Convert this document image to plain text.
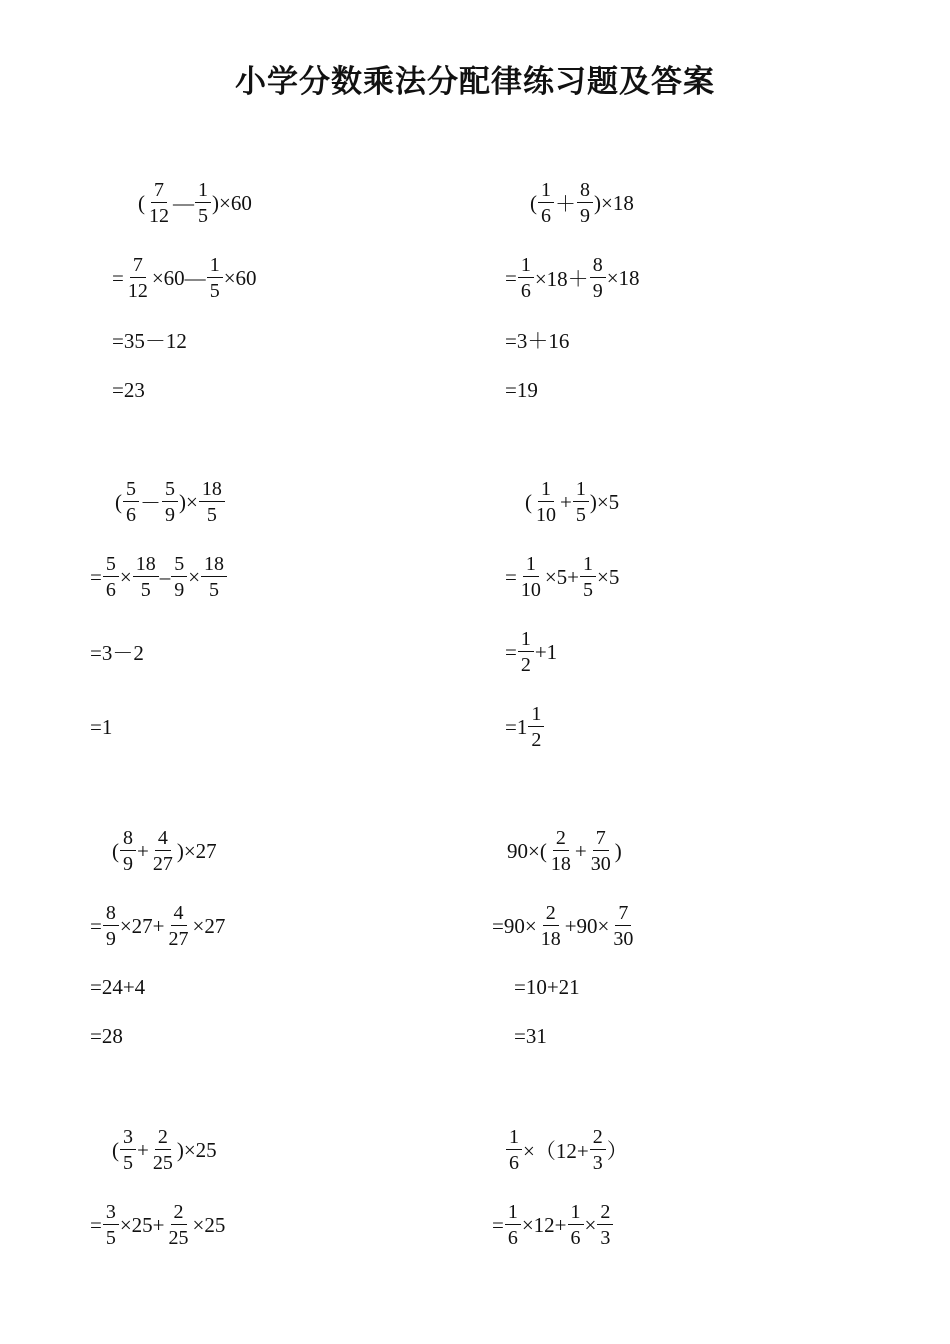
小学分数乘法分配律练习题及答案
( $\frac{7}{12}$ — $\frac{1}{5} )\times 60$
= $\frac{7}{12}$ ×60— $\frac{1}{5} \times 60$
=35－12
=23
( $\frac{1}{6} + \frac{8}{9} )\times 18$
= $\frac{1}{6} \times 18+ \frac{8}{9} \times 18$
=3＋16
=19
( $\frac{5}{6} - \frac{5}{9}$ )× $\frac{18}{5}$
= $\frac{5}{6} \times \frac{18}{5} - \frac{5}{9} \times \frac{18}{5}$
=3－2
=1
( $\frac{1}{10} + \frac{1}{5} )\times 5$
= $\frac{1}{10} \times 5+ \frac{1}{5} \times 5$
= $\frac{1}{2} +1$
$=1 \frac{1}{2}$
( $\frac{8}{9} + \frac{4}{27} )\times 27$
= $\frac{8}{9} \times 27+ \frac{4}{27} \times 27$
=24+4
=28
$90\times( \frac{2}{18} + \frac{7}{30}$ )
$=90\times \frac{2}{18} +90\times \frac{7}{30}$
=10+21
=31
( $\frac{3}{5} + \frac{2}{25} )\times 25$
= $\frac{3}{5} \times 25+ \frac{2}{25} \times 25$
$\frac{1}{6} \times(12+ \frac{2}{3}$ ）
= $\frac{1}{6} \times 12+ \frac{1}{6} \times \frac{2}{3}$
